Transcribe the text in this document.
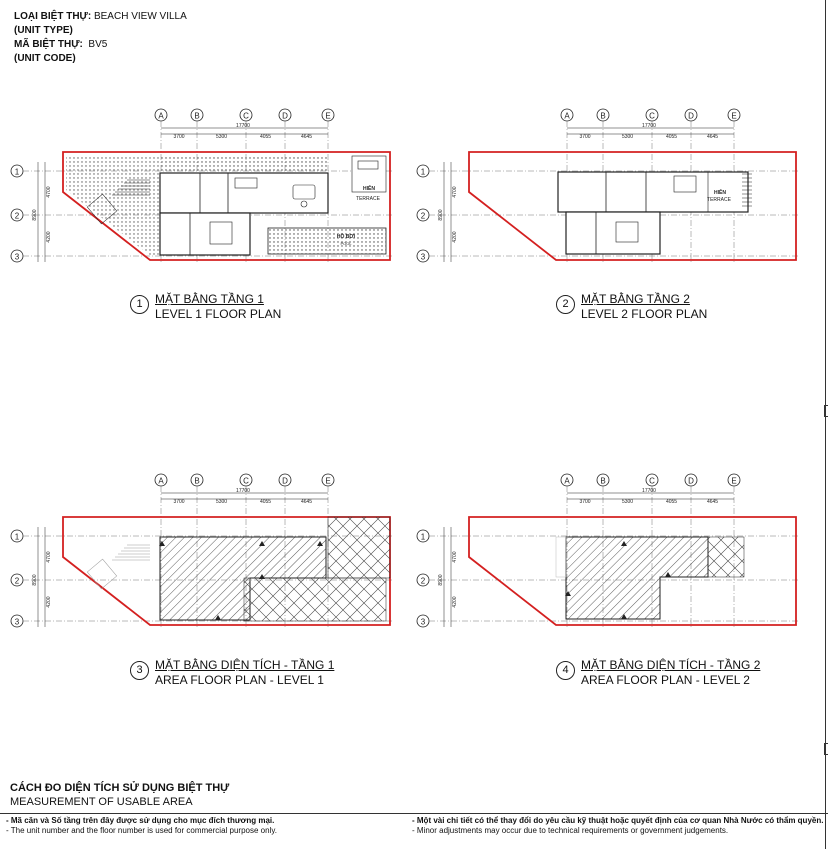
LOẠI BIỆT THỰ: BEACH VIEW VILLA
(UNIT TYPE)
MÃ BIỆT THỰ: BV5
(UNIT CODE)
A	B	C	D	E
17700
3700	5300	4055	4645
1
2
3
8900
4700
4200	HỒ BƠI
POOL
HIÊN
TERRACE
A	B	C	D	E
17700
3700	5300	4055	4645
1
2
3
8900
4700
4200
HIÊN
TERRACE
A	B	C	D	E
17700
3700	5300	4055	4645
1
2
3
8900
4700
4200
A	B	C	D	E
17700
3700	5300	4055	4645
1
2
3
8900
4700
4200
1	MẶT BẰNG TẦNG 1
LEVEL 1 FLOOR PLAN
2	MẶT BẰNG TẦNG 2
LEVEL 2 FLOOR PLAN
3	MẶT BẰNG DIỆN TÍCH - TẦNG 1
AREA FLOOR PLAN - LEVEL 1
4	MẶT BẰNG DIỆN TÍCH - TẦNG 2
AREA FLOOR PLAN - LEVEL 2
CÁCH ĐO DIỆN TÍCH SỬ DỤNG BIỆT THỰ
MEASUREMENT OF USABLE AREA
- Mã căn và Số tầng trên đây được sử dụng cho mục đích thương mại.
- The unit number and the floor number is used for commercial purpose only.
- Một vài chi tiết có thể thay đổi do yêu cầu kỹ thuật hoặc quyết định của cơ quan Nhà Nước có thẩm quyền.
- Minor adjustments may occur due to technical requirements or government judgements.
